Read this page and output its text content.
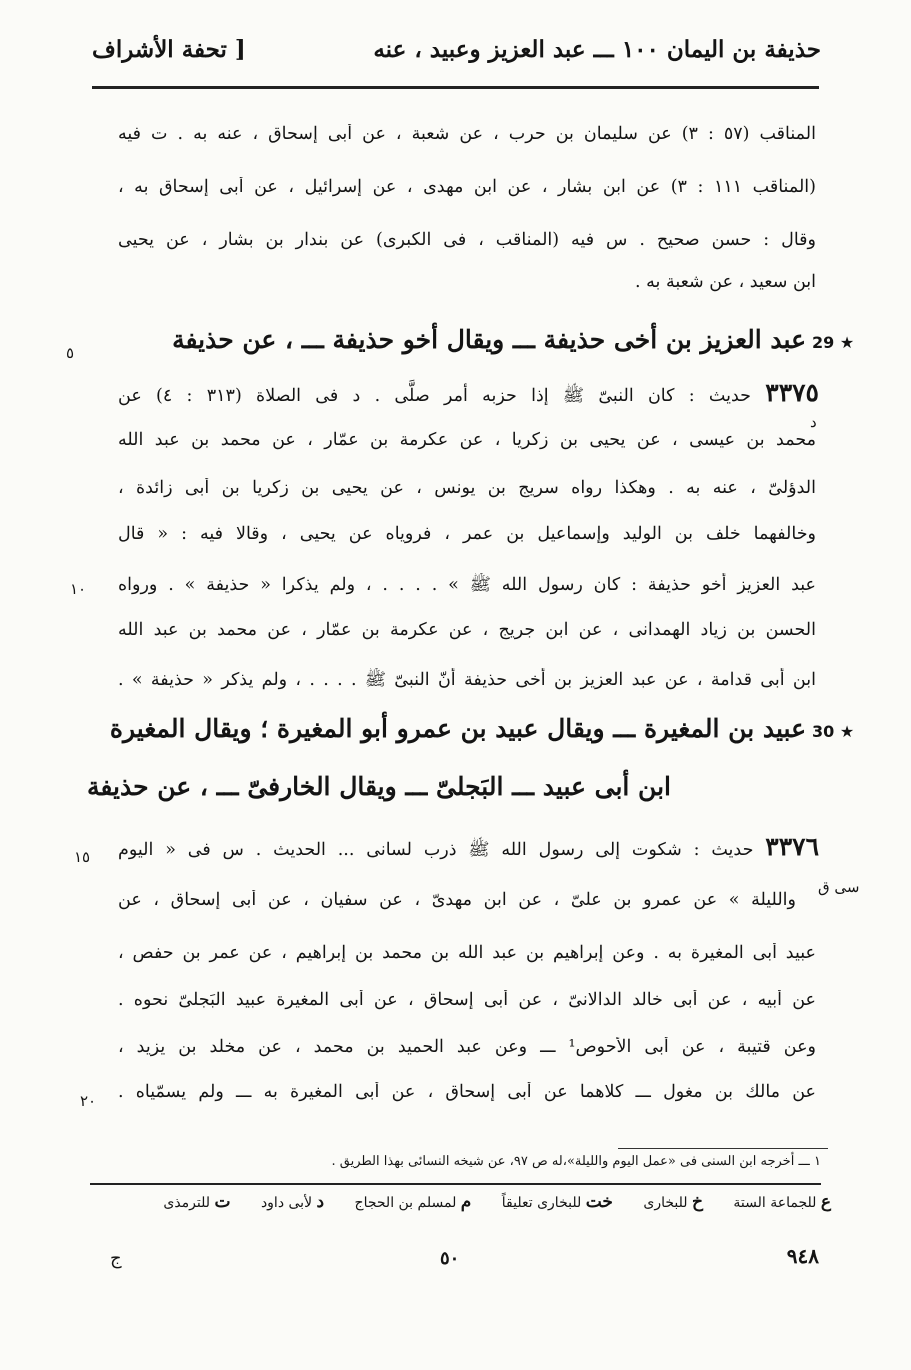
حذيفة بن اليمان ١٠٠ ـــ عبد العزيز وعبيد ، عنه
[ تحفة الأشراف
المناقب (٥٧ : ٣) عن سليمان بن حرب ، عن شعبة ، عن أبى إسحاق ، عنه به . ت فيه
(المناقب ١١١ : ٣) عن ابن بشار ، عن ابن مهدى ، عن إسرائيل ، عن أبى إسحاق به ،
وقال : حسن صحيح . س فيه (المناقب ، فى الكبرى) عن بندار بن بشار ، عن يحيى
ابن سعيد ، عن شعبة به .
29 ★
عبد العزيز بن أخى حذيفة ـــ ويقال أخو حذيفة ـــ ، عن حذيفة
٥
٣٣٧٥ حديث : كان النبىّ ﷺ إذا حزبه أمر صلَّى . د فى الصلاة (٣١٣ : ٤) عن
د
محمد بن عيسى ، عن يحيى بن زكريا ، عن عكرمة بن عمّار ، عن محمد بن عبد الله
الدؤلىّ ، عنه به . وهكذا رواه سريج بن يونس ، عن يحيى بن زكريا بن أبى زائدة ،
وخالفهما خلف بن الوليد وإسماعيل بن عمر ، فروياه عن يحيى ، وقالا فيه : « قال
عبد العزيز أخو حذيفة : كان رسول الله ﷺ » . . . . ، ولم يذكرا « حذيفة » . ورواه
١٠
الحسن بن زياد الهمدانى ، عن ابن جريج ، عن عكرمة بن عمّار ، عن محمد بن عبد الله
ابن أبى قدامة ، عن عبد العزيز بن أخى حذيفة أنّ النبىّ ﷺ . . . . ، ولم يذكر « حذيفة » .
30 ★
عبيد بن المغيرة ـــ ويقال عبيد بن عمرو أبو المغيرة ؛ ويقال المغيرة
ابن أبى عبيد ـــ البَجلىّ ـــ ويقال الخارفىّ ـــ ، عن حذيفة
٣٣٧٦ حديث : شكوت إلى رسول الله ﷺ ذرب لسانى ... الحديث . س فى « اليوم
١٥
سى ق
والليلة » عن عمرو بن علىّ ، عن ابن مهدىّ ، عن سفيان ، عن أبى إسحاق ، عن
عبيد أبى المغيرة به . وعن إبراهيم بن عبد الله بن محمد بن إبراهيم ، عن عمر بن حفص ،
عن أبيه ، عن أبى خالد الدالانىّ ، عن أبى إسحاق ، عن أبى المغيرة عبيد البَجلىّ نحوه .
وعن قتيبة ، عن أبى الأحوص¹ ـــ وعن عبد الحميد بن محمد ، عن مخلد بن يزيد ،
عن مالك بن مغول ـــ كلاهما عن أبى إسحاق ، عن أبى المغيرة به ـــ ولم يسمّياه .
٢٠
١ ـــ أخرجه ابن السنى فى «عمل اليوم والليلة»،له ص ٩٧، عن شيخه النسائى بهذا الطريق .
ع للجماعة الستة خ للبخارى خت للبخارى تعليقاً م لمسلم بن الحجاج د لأبى داود ت للترمذى
ج	٥٠	٩٤٨
